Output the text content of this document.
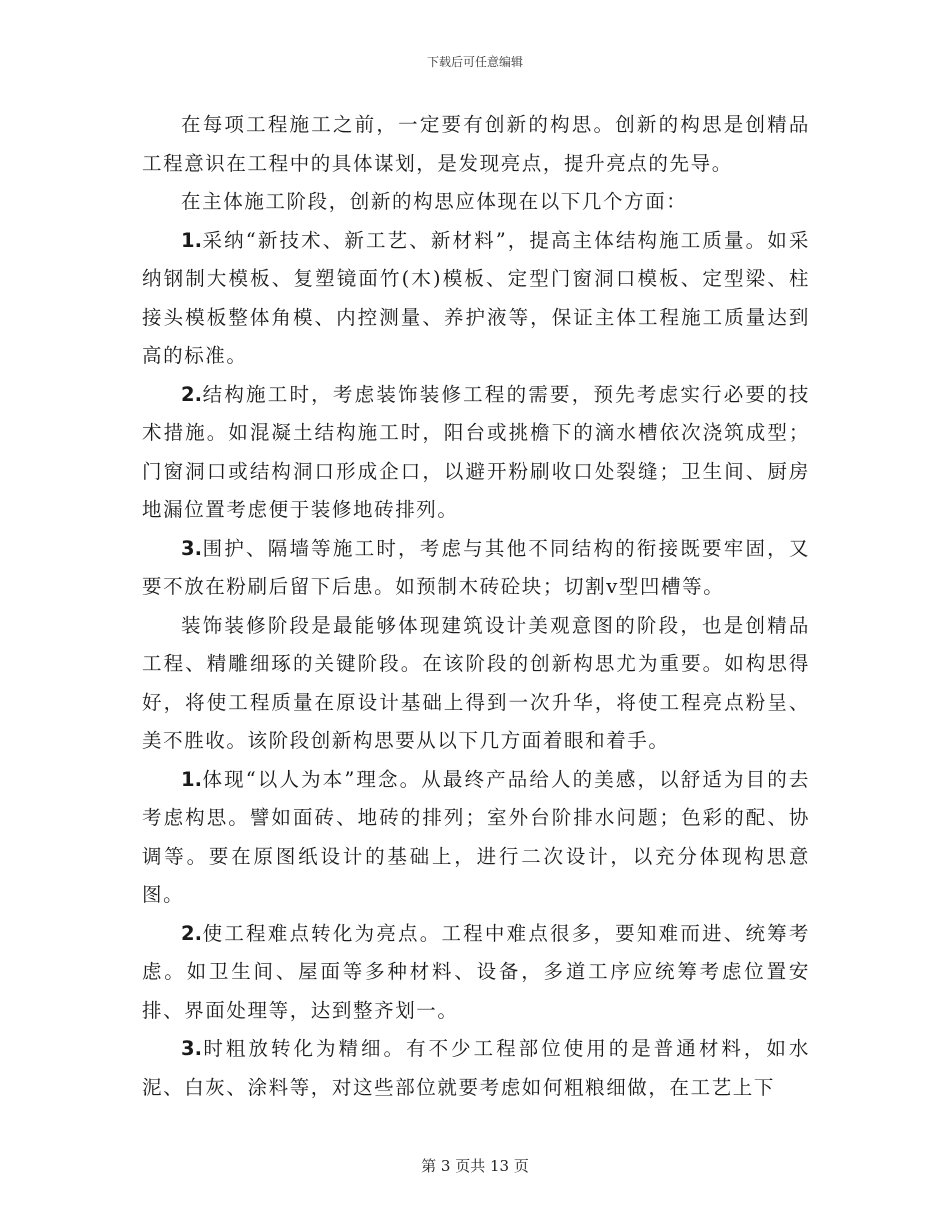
下载后可任意编辑

在每项工程施工之前，一定要有创新的构思。创新的构思是创精品工程意识在工程中的具体谋划，是发现亮点，提升亮点的先导。

在主体施工阶段，创新的构思应体现在以下几个方面：

1.采纳“新技术、新工艺、新材料”，提高主体结构施工质量。如采纳钢制大模板、复塑镜面竹(木)模板、定型门窗洞口模板、定型梁、柱接头模板整体角模、内控测量、养护液等，保证主体工程施工质量达到高的标准。

2.结构施工时，考虑装饰装修工程的需要，预先考虑实行必要的技术措施。如混凝土结构施工时，阳台或挑檐下的滴水槽依次浇筑成型；门窗洞口或结构洞口形成企口，以避开粉刷收口处裂缝；卫生间、厨房地漏位置考虑便于装修地砖排列。

3.围护、隔墙等施工时，考虑与其他不同结构的衔接既要牢固，又要不放在粉刷后留下后患。如预制木砖砼块；切割v型凹槽等。

装饰装修阶段是最能够体现建筑设计美观意图的阶段，也是创精品工程、精雕细琢的关键阶段。在该阶段的创新构思尤为重要。如构思得好，将使工程质量在原设计基础上得到一次升华，将使工程亮点粉呈、美不胜收。该阶段创新构思要从以下几方面着眼和着手。

1.体现“以人为本”理念。从最终产品给人的美感，以舒适为目的去考虑构思。譬如面砖、地砖的排列；室外台阶排水问题；色彩的配、协调等。要在原图纸设计的基础上，进行二次设计，以充分体现构思意图。

2.使工程难点转化为亮点。工程中难点很多，要知难而进、统筹考虑。如卫生间、屋面等多种材料、设备，多道工序应统筹考虑位置安排、界面处理等，达到整齐划一。

3.时粗放转化为精细。有不少工程部位使用的是普通材料，如水泥、白灰、涂料等，对这些部位就要考虑如何粗粮细做，在工艺上下

第 3 页共 13 页
